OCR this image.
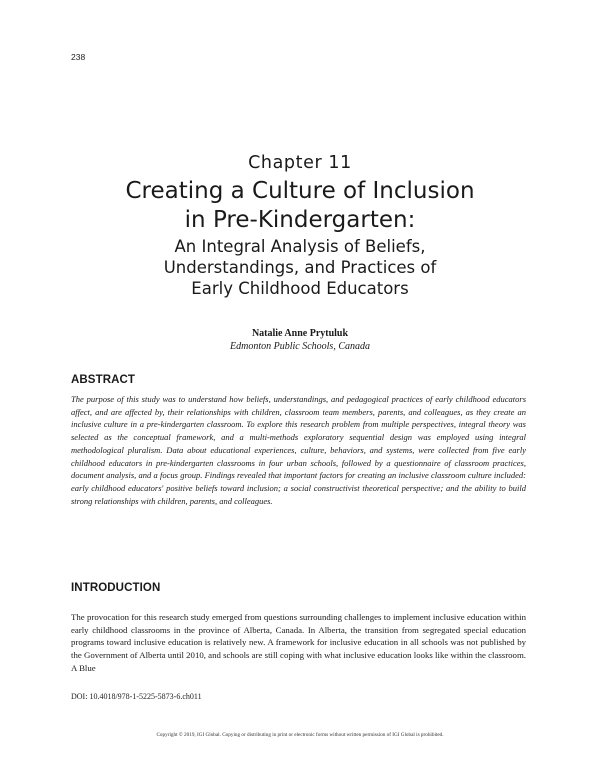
238
Chapter 11
Creating a Culture of Inclusion
in Pre-Kindergarten:
An Integral Analysis of Beliefs,
Understandings, and Practices of
Early Childhood Educators
Natalie Anne Prytuluk
Edmonton Public Schools, Canada
ABSTRACT

The purpose of this study was to understand how beliefs, understandings, and pedagogical practices of early childhood educators affect, and are affected by, their relationships with children, classroom team members, parents, and colleagues, as they create an inclusive culture in a pre-kindergarten classroom. To explore this research problem from multiple perspectives, integral theory was selected as the conceptual framework, and a multi-methods exploratory sequential design was employed using integral methodological pluralism. Data about educational experiences, culture, behaviors, and systems, were collected from five early childhood educators in pre-kindergarten classrooms in four urban schools, followed by a questionnaire of classroom practices, document analysis, and a focus group. Findings revealed that important factors for creating an inclusive classroom culture included: early childhood educators' positive beliefs toward inclusion; a social constructivist theoretical perspective; and the ability to build strong relationships with children, parents, and colleagues.

INTRODUCTION

The provocation for this research study emerged from questions surrounding challenges to implement inclusive education within early childhood classrooms in the province of Alberta, Canada. In Alberta, the transition from segregated special education programs toward inclusive education is relatively new. A framework for inclusive education in all schools was not published by the Government of Alberta until 2010, and schools are still coping with what inclusive education looks like within the classroom. A Blue

DOI: 10.4018/978-1-5225-5873-6.ch011
Copyright © 2019, IGI Global. Copying or distributing in print or electronic forms without written permission of IGI Global is prohibited.
